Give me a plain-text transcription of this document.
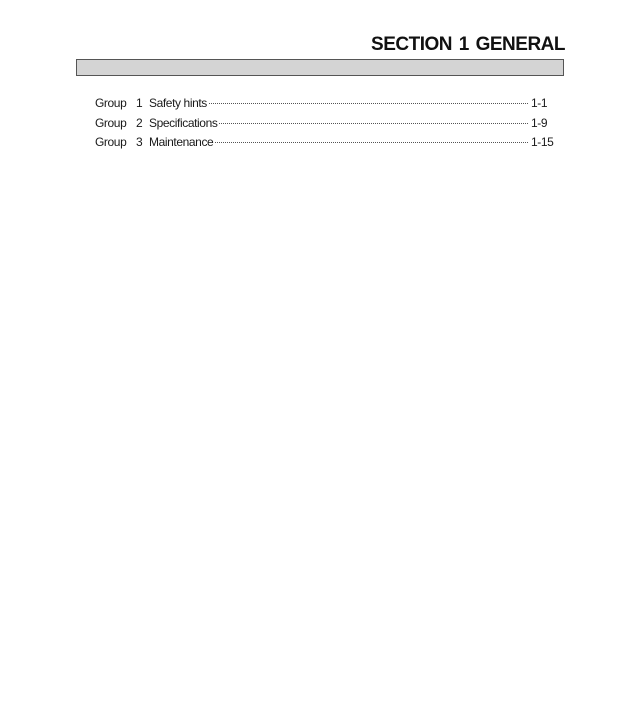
SECTION 1 GENERAL
Group 1 Safety hints	1-1
Group 2 Specifications	1-9
Group 3 Maintenance	1-15
